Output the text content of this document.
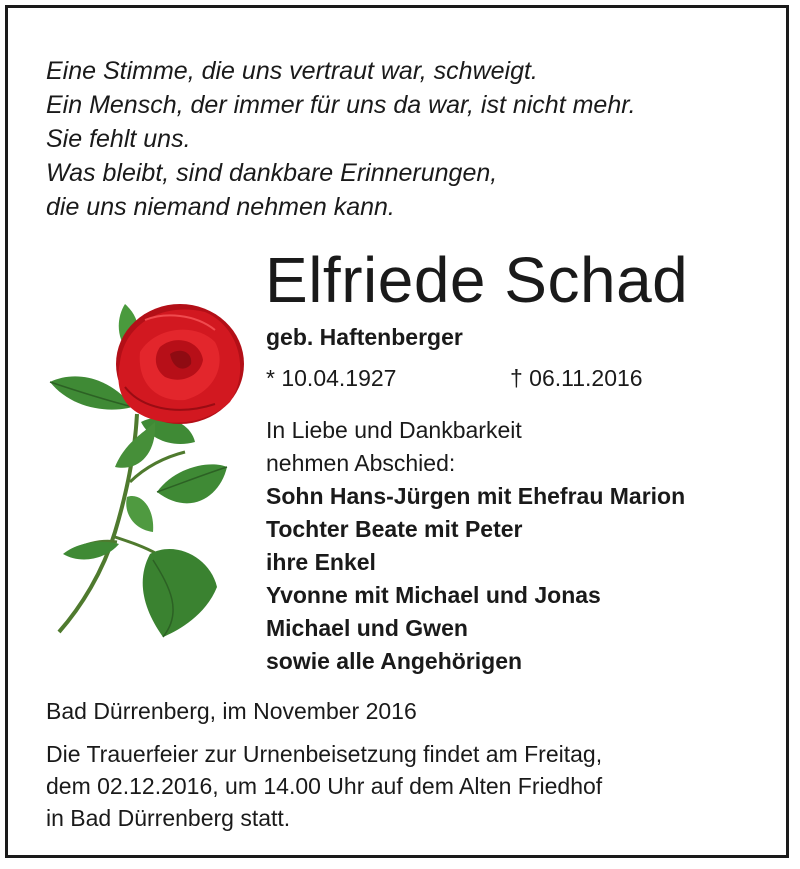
Eine Stimme, die uns vertraut war, schweigt.
Ein Mensch, der immer für uns da war, ist nicht mehr.
Sie fehlt uns.
Was bleibt, sind dankbare Erinnerungen,
die uns niemand nehmen kann.
Elfriede Schad
geb. Haftenberger
* 10.04.1927	† 06.11.2016
In Liebe und Dankbarkeit
nehmen Abschied:
Sohn Hans-Jürgen mit Ehefrau Marion
Tochter Beate mit Peter
ihre Enkel
Yvonne mit Michael und Jonas
Michael und Gwen
sowie alle Angehörigen
Bad Dürrenberg, im November 2016
Die Trauerfeier zur Urnenbeisetzung findet am Freitag,
dem 02.12.2016, um 14.00 Uhr auf dem Alten Friedhof
in Bad Dürrenberg statt.
